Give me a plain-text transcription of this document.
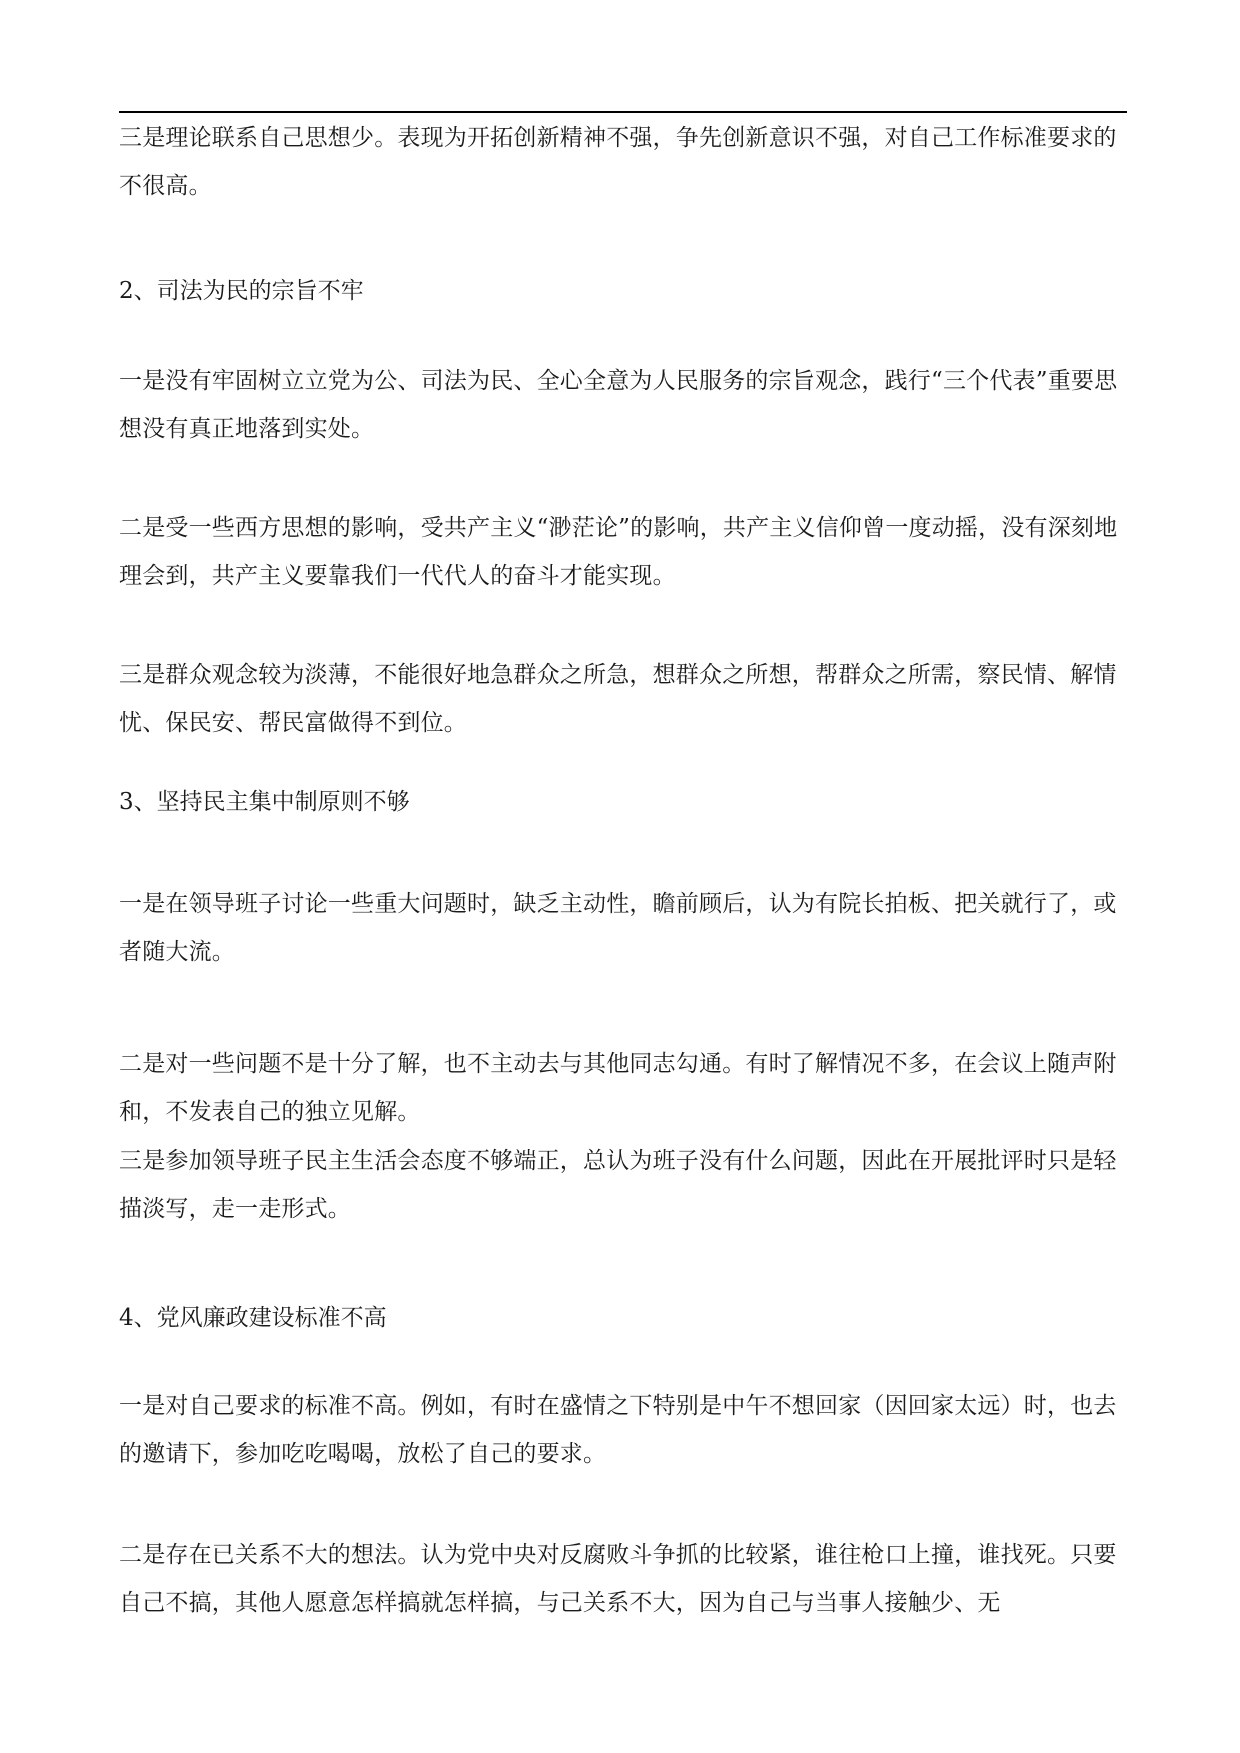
三是理论联系自己思想少。表现为开拓创新精神不强，争先创新意识不强，对自己工作标准要求的不很高。

2、司法为民的宗旨不牢

一是没有牢固树立立党为公、司法为民、全心全意为人民服务的宗旨观念，践行“三个代表”重要思想没有真正地落到实处。

二是受一些西方思想的影响，受共产主义“渺茫论”的影响，共产主义信仰曾一度动摇，没有深刻地理会到，共产主义要靠我们一代代人的奋斗才能实现。

三是群众观念较为淡薄，不能很好地急群众之所急，想群众之所想，帮群众之所需，察民情、解情忧、保民安、帮民富做得不到位。

3、坚持民主集中制原则不够

一是在领导班子讨论一些重大问题时，缺乏主动性，瞻前顾后，认为有院长拍板、把关就行了，或者随大流。

二是对一些问题不是十分了解，也不主动去与其他同志勾通。有时了解情况不多，在会议上随声附和，不发表自己的独立见解。

三是参加领导班子民主生活会态度不够端正，总认为班子没有什么问题，因此在开展批评时只是轻描淡写，走一走形式。

4、党风廉政建设标准不高

一是对自己要求的标准不高。例如，有时在盛情之下特别是中午不想回家（因回家太远）时，也去的邀请下，参加吃吃喝喝，放松了自己的要求。

二是存在已关系不大的想法。认为党中央对反腐败斗争抓的比较紧，谁往枪口上撞，谁找死。只要自己不搞，其他人愿意怎样搞就怎样搞，与己关系不大，因为自己与当事人接触少、无
